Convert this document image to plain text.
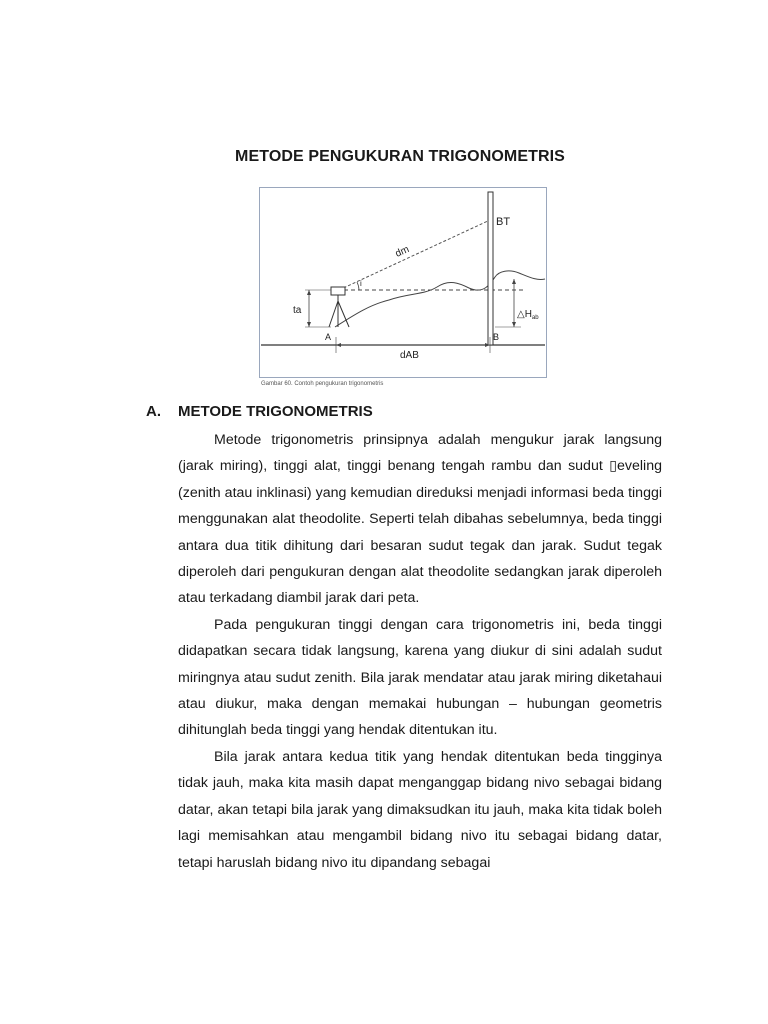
METODE PENGUKURAN TRIGONOMETRIS
BT
dm
i
ta	$\triangle H_{ab}$
A	B
dAB
Gambar 60. Contoh pengukuran trigonometris
A. METODE TRIGONOMETRIS

Metode trigonometris prinsipnya adalah mengukur jarak langsung (jarak miring), tinggi alat, tinggi benang tengah rambu dan sudut ▯eveling (zenith atau inklinasi) yang kemudian direduksi menjadi informasi beda tinggi menggunakan alat theodolite. Seperti telah dibahas sebelumnya, beda tinggi antara dua titik dihitung dari besaran sudut tegak dan jarak. Sudut tegak diperoleh dari pengukuran dengan alat theodolite sedangkan jarak diperoleh atau terkadang diambil jarak dari peta.

Pada pengukuran tinggi dengan cara trigonometris ini, beda tinggi didapatkan secara tidak langsung, karena yang diukur di sini adalah sudut miringnya atau sudut zenith. Bila jarak mendatar atau jarak miring diketahaui atau diukur, maka dengan memakai hubungan – hubungan geometris dihitunglah beda tinggi yang hendak ditentukan itu.

Bila jarak antara kedua titik yang hendak ditentukan beda tingginya tidak jauh, maka kita masih dapat menganggap bidang nivo sebagai bidang datar, akan tetapi bila jarak yang dimaksudkan itu jauh, maka kita tidak boleh lagi memisahkan atau mengambil bidang nivo itu sebagai bidang datar, tetapi haruslah bidang nivo itu dipandang sebagai
